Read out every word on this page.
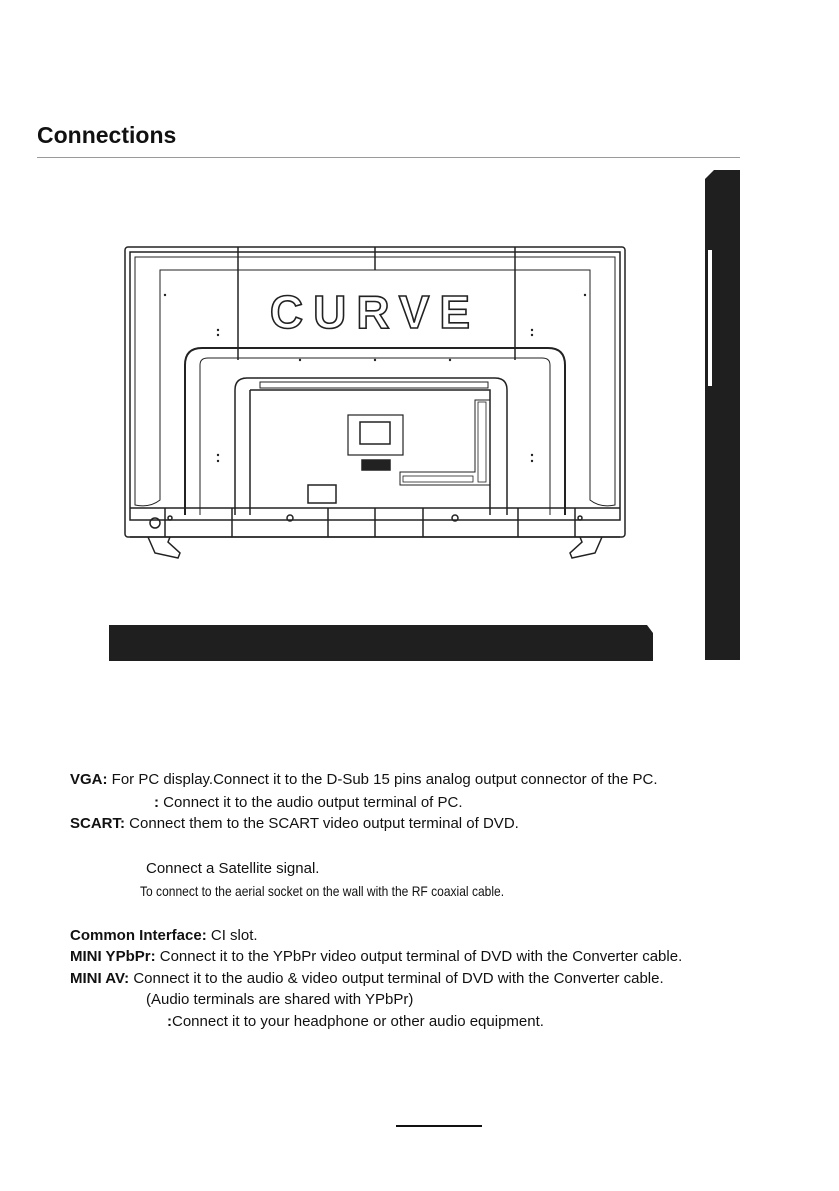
Connections
CURVE
VGA: For PC display.Connect it to the D-Sub 15 pins analog output connector of the PC.
: Connect it to the audio output terminal of PC.
SCART: Connect them to the SCART video output terminal of DVD.
Connect a Satellite signal.
To connect to the aerial socket on the wall with the RF coaxial cable.
Common Interface: CI slot.
MINI YPbPr: Connect it to the YPbPr video output terminal of DVD with the Converter cable.
MINI AV: Connect it to the audio & video output terminal of DVD with the Converter cable.
(Audio terminals are shared with YPbPr)
:Connect it to your headphone or other audio equipment.
